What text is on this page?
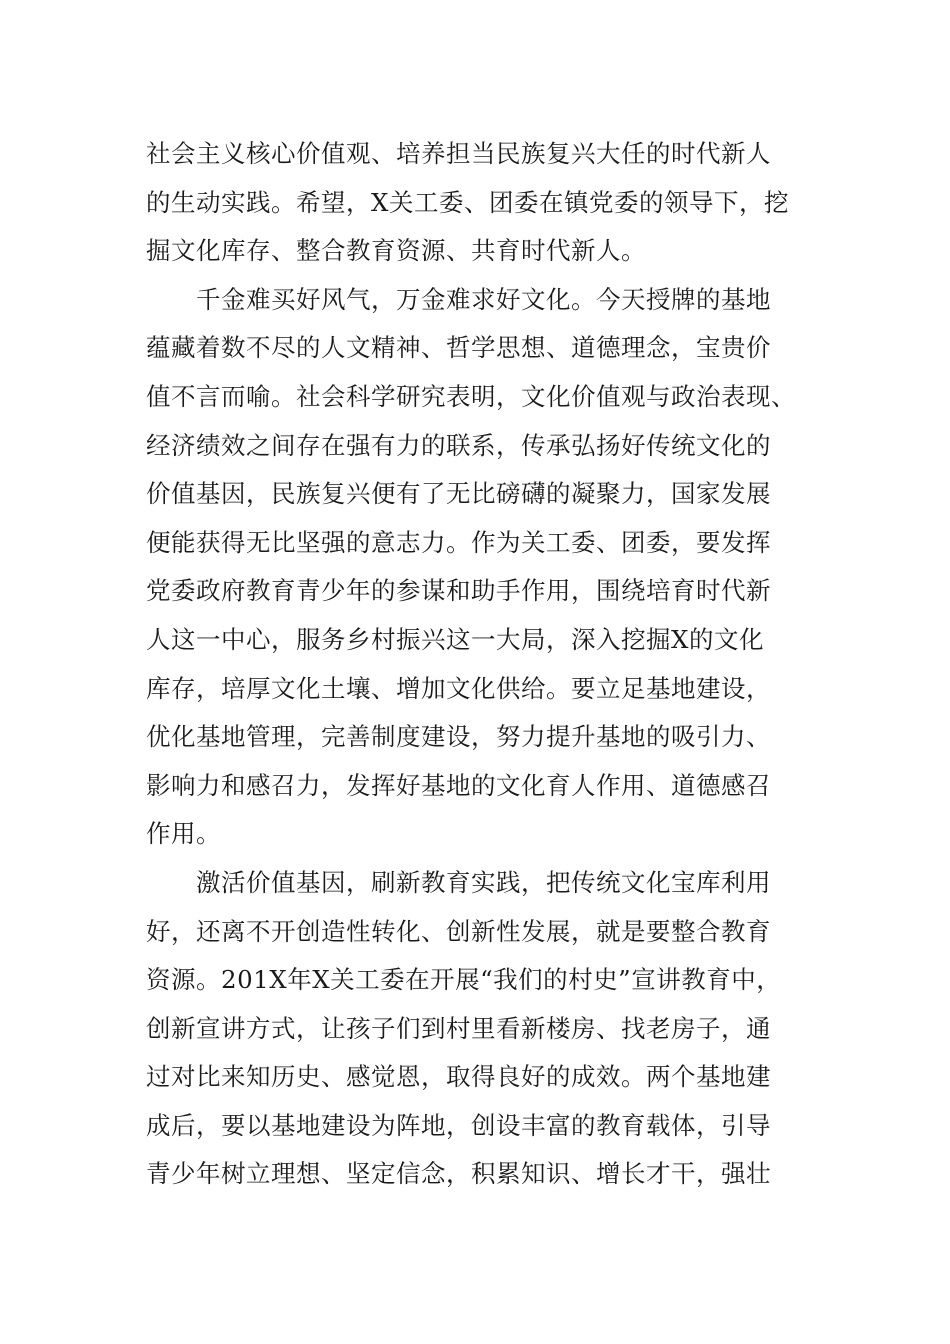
社会主义核心价值观、培养担当民族复兴大任的时代新人
的生动实践。希望，X关工委、团委在镇党委的领导下，挖
掘文化库存、整合教育资源、共育时代新人。
千金难买好风气，万金难求好文化。今天授牌的基地
蕴藏着数不尽的人文精神、哲学思想、道德理念，宝贵价
值不言而喻。社会科学研究表明，文化价值观与政治表现、
经济绩效之间存在强有力的联系，传承弘扬好传统文化的
价值基因，民族复兴便有了无比磅礴的凝聚力，国家发展
便能获得无比坚强的意志力。作为关工委、团委，要发挥
党委政府教育青少年的参谋和助手作用，围绕培育时代新
人这一中心，服务乡村振兴这一大局，深入挖掘X的文化
库存，培厚文化土壤、增加文化供给。要立足基地建设，
优化基地管理，完善制度建设，努力提升基地的吸引力、
影响力和感召力，发挥好基地的文化育人作用、道德感召
作用。
激活价值基因，刷新教育实践，把传统文化宝库利用
好，还离不开创造性转化、创新性发展，就是要整合教育
资源。201X年X关工委在开展“我们的村史”宣讲教育中，
创新宣讲方式，让孩子们到村里看新楼房、找老房子，通
过对比来知历史、感觉恩，取得良好的成效。两个基地建
成后，要以基地建设为阵地，创设丰富的教育载体，引导
青少年树立理想、坚定信念，积累知识、增长才干，强壮
